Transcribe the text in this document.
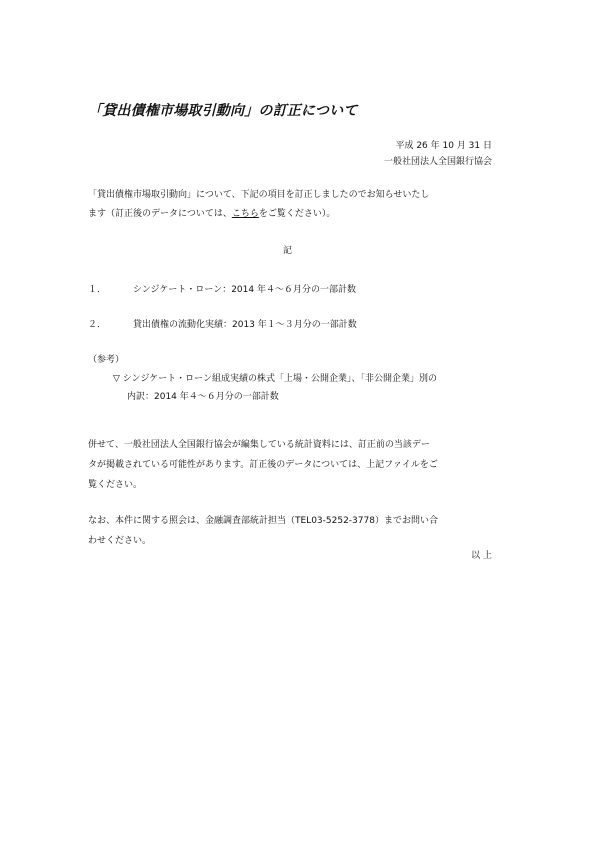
「貸出債権市場取引動向」の訂正について
平成 26 年 10 月 31 日
一般社団法人全国銀行協会
「貸出債権市場取引動向」について、下記の項目を訂正しましたのでお知らせいたし
ます（訂正後のデータについては、こちらをご覧ください）。
記
１．	シンジケート・ローン：2014 年４～６月分の一部計数
２．	貸出債権の流動化実績：2013 年１～３月分の一部計数
（参考）
▽ シンジケート・ローン組成実績の株式「上場・公開企業」、「非公開企業」別の
内訳：2014 年４～６月分の一部計数
併せて、一般社団法人全国銀行協会が編集している統計資料には、訂正前の当該デー
タが掲載されている可能性があります。訂正後のデータについては、上記ファイルをご
覧ください。
なお、本件に関する照会は、金融調査部統計担当（TEL03-5252-3778）までお問い合
わせください。
以 上
